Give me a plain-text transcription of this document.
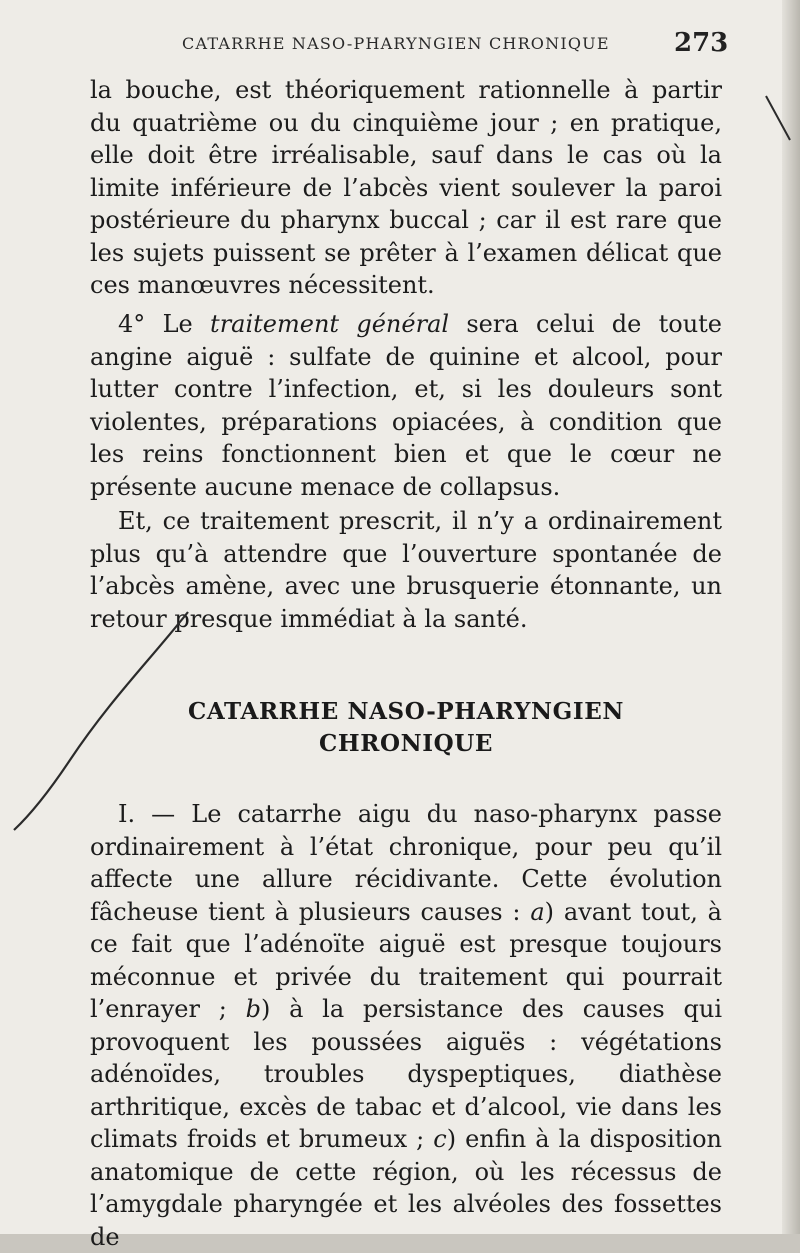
CATARRHE NASO-PHARYNGIEN CHRONIQUE	273
la bouche, est théoriquement rationnelle à partir du quatrième ou du cinquième jour ; en pratique, elle doit être irréalisable, sauf dans le cas où la limite inférieure de l’abcès vient soulever la paroi postérieure du pharynx buccal ; car il est rare que les sujets puissent se prêter à l’examen délicat que ces manœuvres nécessitent.
4° Le traitement général sera celui de toute angine aiguë : sulfate de quinine et alcool, pour lutter contre l’infection, et, si les douleurs sont violentes, préparations opiacées, à condition que les reins fonctionnent bien et que le cœur ne présente aucune menace de collapsus.
Et, ce traitement prescrit, il n’y a ordinairement plus qu’à attendre que l’ouverture spontanée de l’abcès amène, avec une brusquerie étonnante, un retour presque immédiat à la santé.
CATARRHE NASO-PHARYNGIEN
CHRONIQUE
I. — Le catarrhe aigu du naso-pharynx passe ordinairement à l’état chronique, pour peu qu’il affecte une allure récidivante. Cette évolution fâcheuse tient à plusieurs causes : a) avant tout, à ce fait que l’adénoïte aiguë est presque toujours méconnue et privée du traitement qui pourrait l’enrayer ; b) à la persistance des causes qui provoquent les poussées aiguës : végétations adénoïdes, troubles dyspeptiques, diathèse arthritique, excès de tabac et d’alcool, vie dans les climats froids et brumeux ; c) enfin à la disposition anatomique de cette région, où les récessus de l’amygdale pharyngée et les alvéoles des fossettes de
